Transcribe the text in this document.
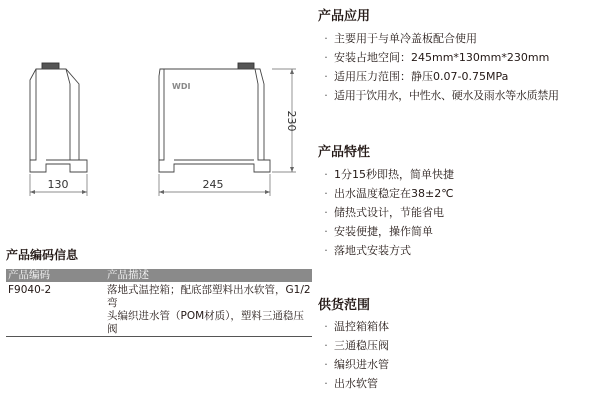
WDI
130	245
230
产品编码信息
产品编码	产品描述
F9040-2	落地式温控箱；配底部塑料出水软管，G1/2弯
头编织进水管（POM材质），塑料三通稳压阀
产品应用
· 主要用于与单冷盖板配合使用
· 安装占地空间：245mm*130mm*230mm
· 适用压力范围：静压0.07-0.75MPa
· 适用于饮用水，中性水、硬水及雨水等水质禁用
产品特性
· 1分15秒即热，简单快捷
· 出水温度稳定在38±2℃
· 储热式设计，节能省电
· 安装便捷，操作简单
· 落地式安装方式
供货范围
· 温控箱箱体
· 三通稳压阀
· 编织进水管
· 出水软管
